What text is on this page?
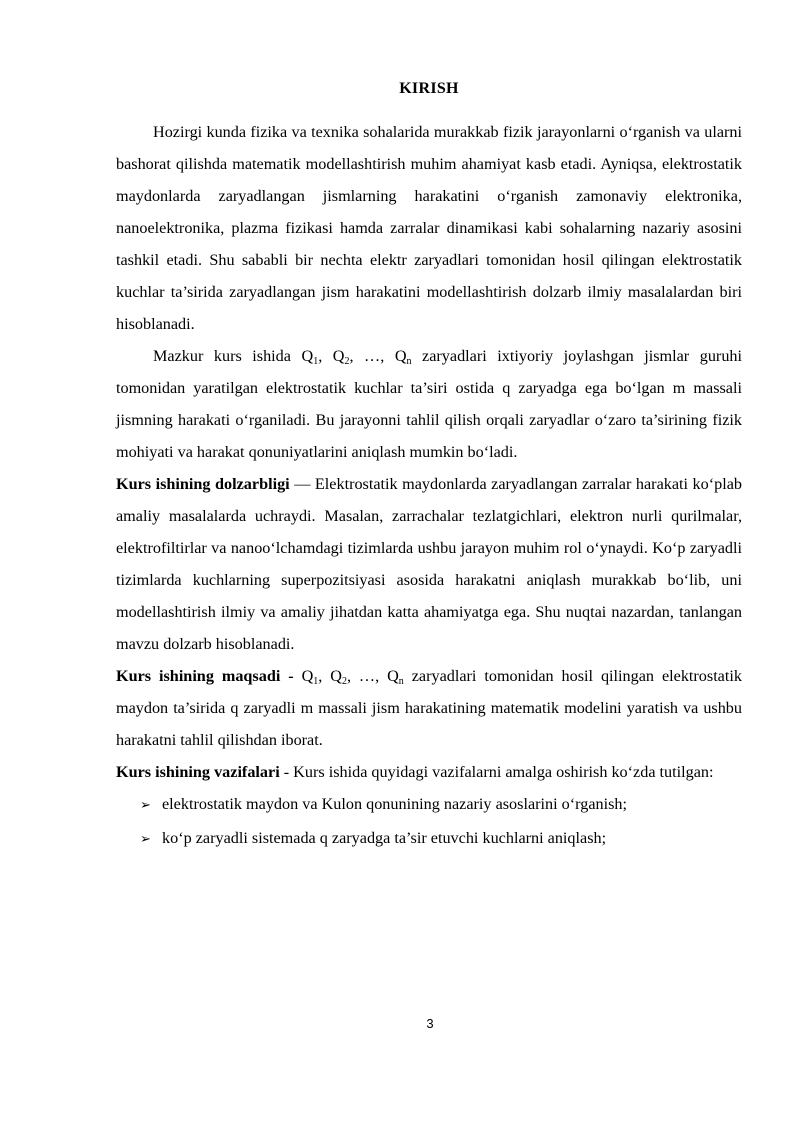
KIRISH

Hozirgi kunda fizika va texnika sohalarida murakkab fizik jarayonlarni o‘rganish va ularni bashorat qilishda matematik modellashtirish muhim ahamiyat kasb etadi. Ayniqsa, elektrostatik maydonlarda zaryadlangan jismlarning harakatini o‘rganish zamonaviy elektronika, nanoelektronika, plazma fizikasi hamda zarralar dinamikasi kabi sohalarning nazariy asosini tashkil etadi. Shu sababli bir nechta elektr zaryadlari tomonidan hosil qilingan elektrostatik kuchlar ta’sirida zaryadlangan jism harakatini modellashtirish dolzarb ilmiy masalalardan biri hisoblanadi.

Mazkur kurs ishida $Q_1$, $Q_2$, …, $Q_n$ zaryadlari ixtiyoriy joylashgan jismlar guruhi tomonidan yaratilgan elektrostatik kuchlar ta’siri ostida q zaryadga ega bo‘lgan m massali jismning harakati o‘rganiladi. Bu jarayonni tahlil qilish orqali zaryadlar o‘zaro ta’sirining fizik mohiyati va harakat qonuniyatlarini aniqlash mumkin bo‘ladi.

Kurs ishining dolzarbligi — Elektrostatik maydonlarda zaryadlangan zarralar harakati ko‘plab amaliy masalalarda uchraydi. Masalan, zarrachalar tezlatgichlari, elektron nurli qurilmalar, elektrofiltirlar va nanoo‘lchamdagi tizimlarda ushbu jarayon muhim rol o‘ynaydi. Ko‘p zaryadli tizimlarda kuchlarning superpozitsiyasi asosida harakatni aniqlash murakkab bo‘lib, uni modellashtirish ilmiy va amaliy jihatdan katta ahamiyatga ega. Shu nuqtai nazardan, tanlangan mavzu dolzarb hisoblanadi.

Kurs ishining maqsadi - $Q_1$, $Q_2$, …, $Q_n$ zaryadlari tomonidan hosil qilingan elektrostatik maydon ta’sirida q zaryadli m massali jism harakatining matematik modelini yaratish va ushbu harakatni tahlil qilishdan iborat.

Kurs ishining vazifalari - Kurs ishida quyidagi vazifalarni amalga oshirish ko‘zda tutilgan:

➢ elektrostatik maydon va Kulon qonunining nazariy asoslarini o‘rganish;
➢ ko‘p zaryadli sistemada q zaryadga ta’sir etuvchi kuchlarni aniqlash;
3
